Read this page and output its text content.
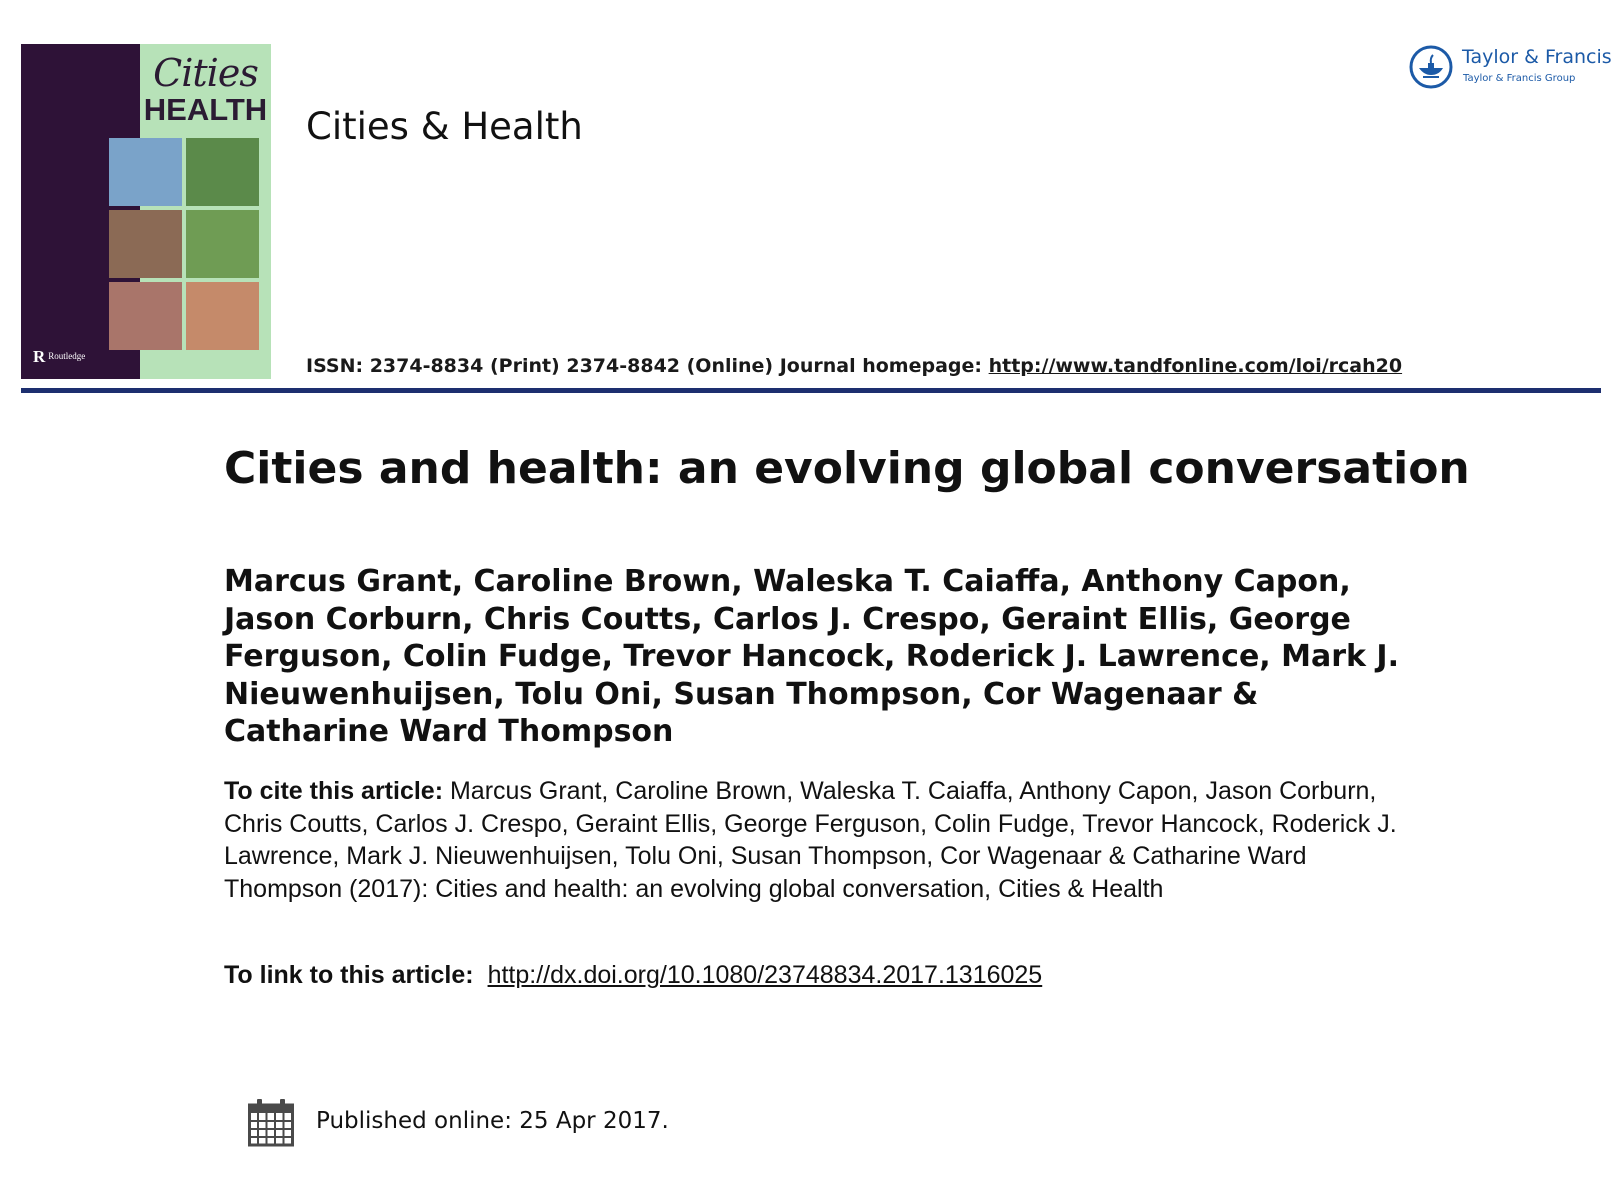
Cities
HEALTH
R Routledge
Cities & Health
Taylor & Francis
Taylor & Francis Group
ISSN: 2374-8834 (Print) 2374-8842 (Online) Journal homepage: http://www.tandfonline.com/loi/rcah20
Cities and health: an evolving global conversation

Marcus Grant, Caroline Brown, Waleska T. Caiaffa, Anthony Capon, Jason Corburn, Chris Coutts, Carlos J. Crespo, Geraint Ellis, George Ferguson, Colin Fudge, Trevor Hancock, Roderick J. Lawrence, Mark J. Nieuwenhuijsen, Tolu Oni, Susan Thompson, Cor Wagenaar & Catharine Ward Thompson

To cite this article: Marcus Grant, Caroline Brown, Waleska T. Caiaffa, Anthony Capon, Jason Corburn, Chris Coutts, Carlos J. Crespo, Geraint Ellis, George Ferguson, Colin Fudge, Trevor Hancock, Roderick J. Lawrence, Mark J. Nieuwenhuijsen, Tolu Oni, Susan Thompson, Cor Wagenaar & Catharine Ward Thompson (2017): Cities and health: an evolving global conversation, Cities & Health

To link to this article: http://dx.doi.org/10.1080/23748834.2017.1316025
Published online: 25 Apr 2017.
